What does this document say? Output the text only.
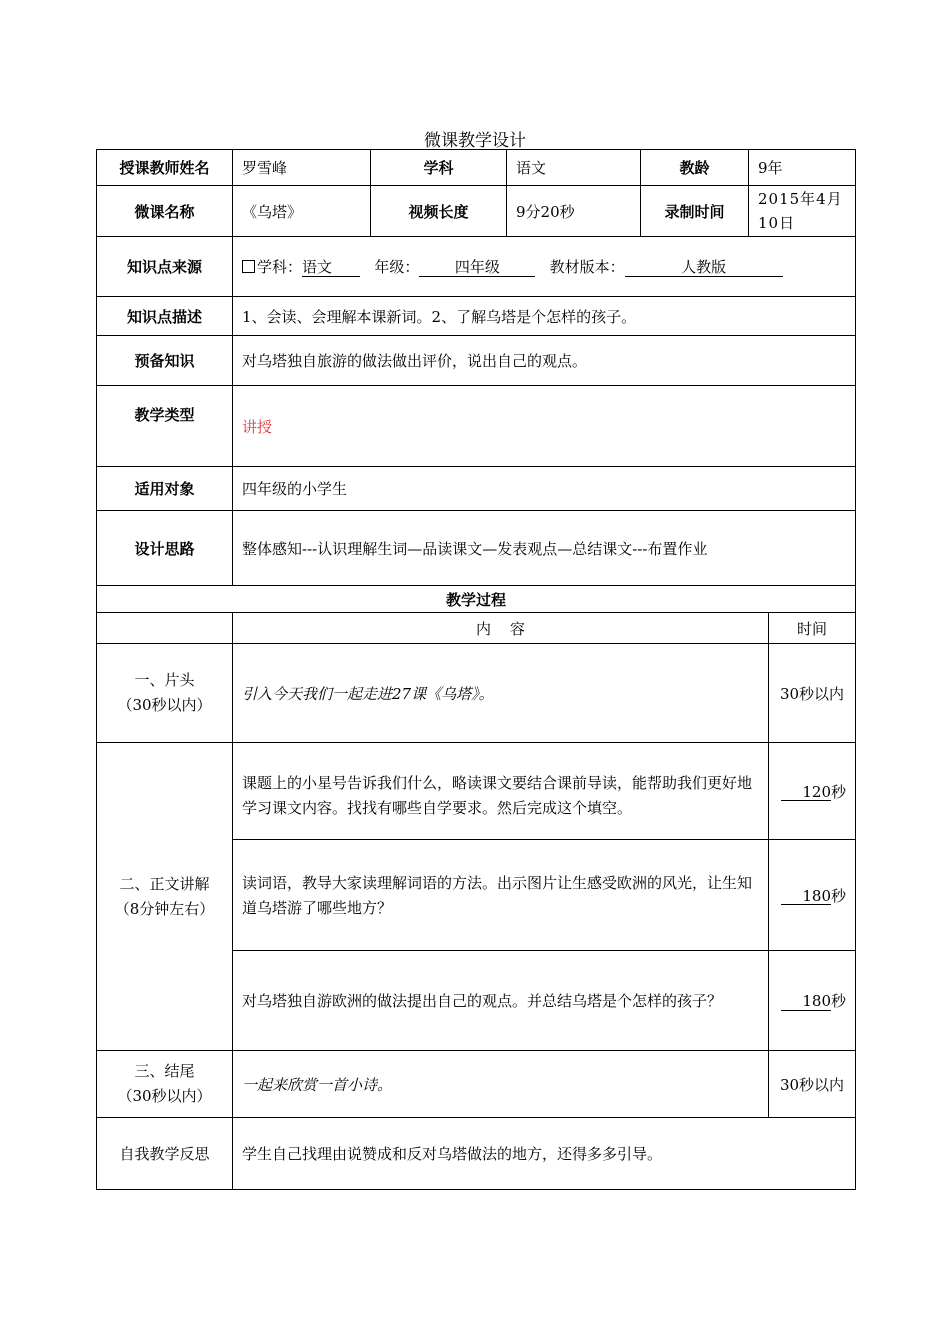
微课教学设计
授课教师姓名	罗雪峰	学科	语文	教龄	9年	
微课名称	《乌塔》	视频长度	9分20秒	录制时间	2015年4月10日	
知识点来源	学科：语文 年级： 四年级 教材版本： 人教版					
知识点描述	1、会读、会理解本课新词。2、了解乌塔是个怎样的孩子。					
预备知识	对乌塔独自旅游的做法做出评价，说出自己的观点。					
教学类型	讲授					
适用对象	四年级的小学生					
设计思路	整体感知---认识理解生词—品读课文—发表观点—总结课文---布置作业					
教学过程						
	内    容					时间

一、片头
（30秒以内）	引入今天我们一起走进27课《乌塔》。					30秒以内

二、正文讲解
（8分钟左右）	课题上的小星号告诉我们什么，略读课文要结合课前导读，能帮助我们更好地学习课文内容。找找有哪些自学要求。然后完成这个填空。					120秒
	读词语，教导大家读理解词语的方法。出示图片让生感受欧洲的风光，让生知道乌塔游了哪些地方？					180秒
	对乌塔独自游欧洲的做法提出自己的观点。并总结乌塔是个怎样的孩子？					180秒

三、结尾
（30秒以内）	一起来欣赏一首小诗。					30秒以内
自我教学反思	学生自己找理由说赞成和反对乌塔做法的地方，还得多多引导。					
